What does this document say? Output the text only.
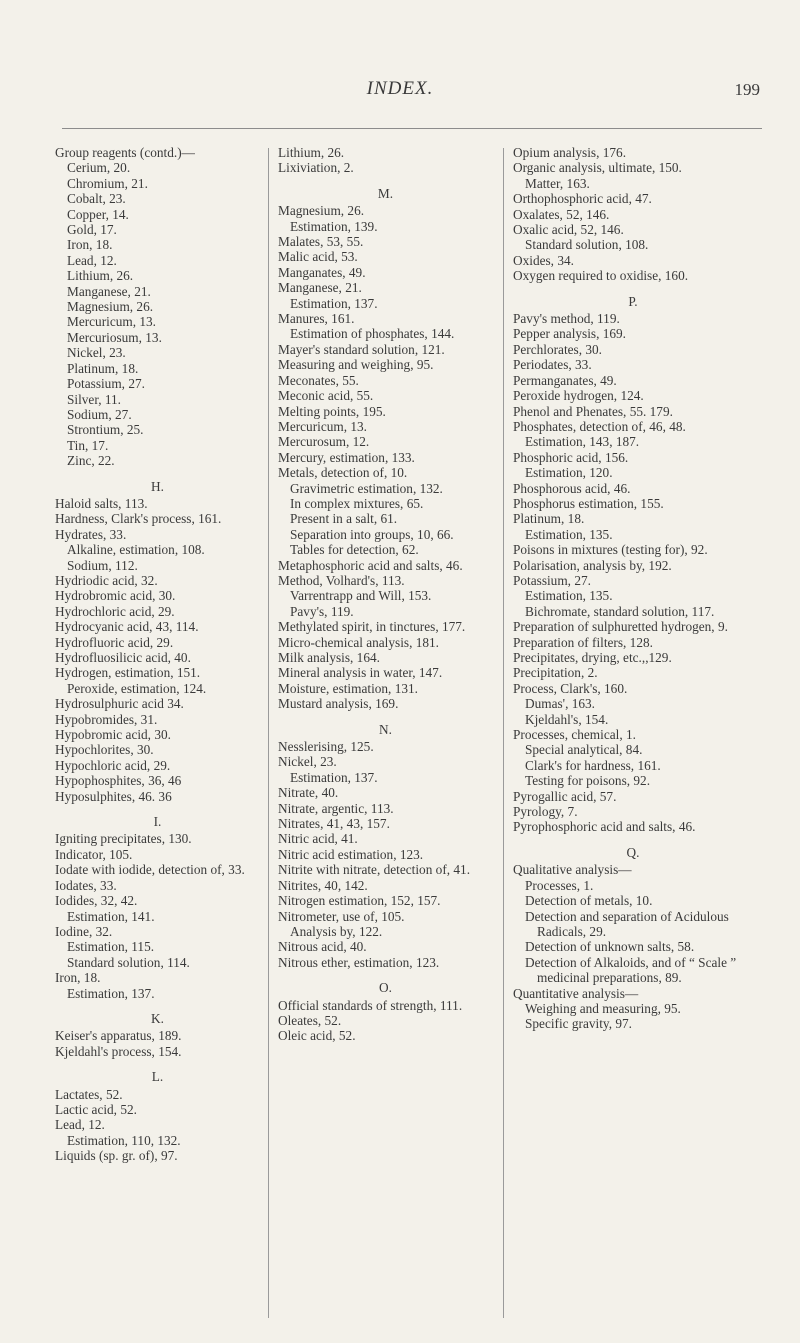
INDEX.	199
Group reagents (contd.)—
Cerium, 20.
Chromium, 21.
Cobalt, 23.
Copper, 14.
Gold, 17.
Iron, 18.
Lead, 12.
Lithium, 26.
Manganese, 21.
Magnesium, 26.
Mercuricum, 13.
Mercuriosum, 13.
Nickel, 23.
Platinum, 18.
Potassium, 27.
Silver, 11.
Sodium, 27.
Strontium, 25.
Tin, 17.
Zinc, 22.
H.
Haloid salts, 113.
Hardness, Clark's process, 161.
Hydrates, 33.
Alkaline, estimation, 108.
Sodium, 112.
Hydriodic acid, 32.
Hydrobromic acid, 30.
Hydrochloric acid, 29.
Hydrocyanic acid, 43, 114.
Hydrofluoric acid, 29.
Hydrofluosilicic acid, 40.
Hydrogen, estimation, 151.
Peroxide, estimation, 124.
Hydrosulphuric acid 34.
Hypobromides, 31.
Hypobromic acid, 30.
Hypochlorites, 30.
Hypochloric acid, 29.
Hypophosphites, 36, 46
Hyposulphites, 46. 36
I.
Igniting precipitates, 130.
Indicator, 105.
Iodate with iodide, detection of, 33.
Iodates, 33.
Iodides, 32, 42.
Estimation, 141.
Iodine, 32.
Estimation, 115.
Standard solution, 114.
Iron, 18.
Estimation, 137.
K.
Keiser's apparatus, 189.
Kjeldahl's process, 154.
L.
Lactates, 52.
Lactic acid, 52.
Lead, 12.
Estimation, 110, 132.
Liquids (sp. gr. of), 97.
Lithium, 26.
Lixiviation, 2.
M.
Magnesium, 26.
Estimation, 139.
Malates, 53, 55.
Malic acid, 53.
Manganates, 49.
Manganese, 21.
Estimation, 137.
Manures, 161.
Estimation of phosphates, 144.
Mayer's standard solution, 121.
Measuring and weighing, 95.
Meconates, 55.
Meconic acid, 55.
Melting points, 195.
Mercuricum, 13.
Mercurosum, 12.
Mercury, estimation, 133.
Metals, detection of, 10.
Gravimetric estimation, 132.
In complex mixtures, 65.
Present in a salt, 61.
Separation into groups, 10, 66.
Tables for detection, 62.
Metaphosphoric acid and salts, 46.
Method, Volhard's, 113.
Varrentrapp and Will, 153.
Pavy's, 119.
Methylated spirit, in tinctures, 177.
Micro-chemical analysis, 181.
Milk analysis, 164.
Mineral analysis in water, 147.
Moisture, estimation, 131.
Mustard analysis, 169.
N.
Nesslerising, 125.
Nickel, 23.
Estimation, 137.
Nitrate, 40.
Nitrate, argentic, 113.
Nitrates, 41, 43, 157.
Nitric acid, 41.
Nitric acid estimation, 123.
Nitrite with nitrate, detection of, 41.
Nitrites, 40, 142.
Nitrogen estimation, 152, 157.
Nitrometer, use of, 105.
Analysis by, 122.
Nitrous acid, 40.
Nitrous ether, estimation, 123.
O.
Official standards of strength, 111.
Oleates, 52.
Oleic acid, 52.
Opium analysis, 176.
Organic analysis, ultimate, 150.
Matter, 163.
Orthophosphoric acid, 47.
Oxalates, 52, 146.
Oxalic acid, 52, 146.
Standard solution, 108.
Oxides, 34.
Oxygen required to oxidise, 160.
P.
Pavy's method, 119.
Pepper analysis, 169.
Perchlorates, 30.
Periodates, 33.
Permanganates, 49.
Peroxide hydrogen, 124.
Phenol and Phenates, 55. 179.
Phosphates, detection of, 46, 48.
Estimation, 143, 187.
Phosphoric acid, 156.
Estimation, 120.
Phosphorous acid, 46.
Phosphorus estimation, 155.
Platinum, 18.
Estimation, 135.
Poisons in mixtures (testing for), 92.
Polarisation, analysis by, 192.
Potassium, 27.
Estimation, 135.
Bichromate, standard solution, 117.
Preparation of sulphuretted hydrogen, 9.
Preparation of filters, 128.
Precipitates, drying, etc.,,129.
Precipitation, 2.
Process, Clark's, 160.
Dumas', 163.
Kjeldahl's, 154.
Processes, chemical, 1.
Special analytical, 84.
Clark's for hardness, 161.
Testing for poisons, 92.
Pyrogallic acid, 57.
Pyrology, 7.
Pyrophosphoric acid and salts, 46.
Q.
Qualitative analysis—
Processes, 1.
Detection of metals, 10.
Detection and separation of Acidulous Radicals, 29.
Detection of unknown salts, 58.
Detection of Alkaloids, and of “ Scale ” medicinal preparations, 89.
Quantitative analysis—
Weighing and measuring, 95.
Specific gravity, 97.
